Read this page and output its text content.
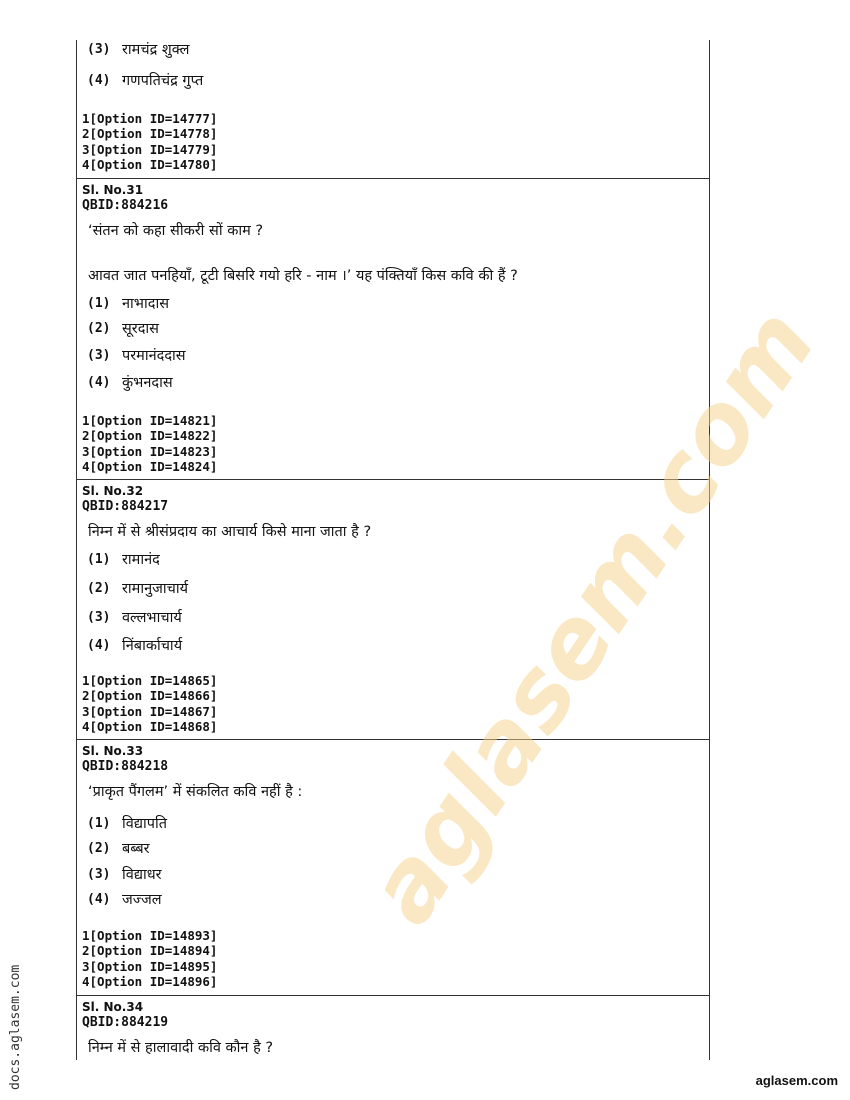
(3) रामचंद्र शुक्ल
(4) गणपतिचंद्र गुप्त
1[Option ID=14777]
2[Option ID=14778]
3[Option ID=14779]
4[Option ID=14780]
Sl. No.31
QBID:884216
‘संतन को कहा सीकरी सों काम ?
आवत जात पनहियाँ, टूटी बिसरि गयो हरि - नाम ।’ यह पंक्तियाँ किस कवि की हैं ?
(1) नाभादास
(2) सूरदास
(3) परमानंददास
(4) कुंभनदास
1[Option ID=14821]
2[Option ID=14822]
3[Option ID=14823]
4[Option ID=14824]
Sl. No.32
QBID:884217
निम्न में से श्रीसंप्रदाय का आचार्य किसे माना जाता है ?
(1) रामानंद
(2) रामानुजाचार्य
(3) वल्लभाचार्य
(4) निंबार्काचार्य
1[Option ID=14865]
2[Option ID=14866]
3[Option ID=14867]
4[Option ID=14868]
Sl. No.33
QBID:884218
‘प्राकृत पैंगलम’ में संकलित कवि नहीं है :
(1) विद्यापति
(2) बब्बर
(3) विद्याधर
(4) जज्जल
1[Option ID=14893]
2[Option ID=14894]
3[Option ID=14895]
4[Option ID=14896]
Sl. No.34
QBID:884219
निम्न में से हालावादी कवि कौन है ?
aglasem.com
docs.aglasem.com	aglasem.com
